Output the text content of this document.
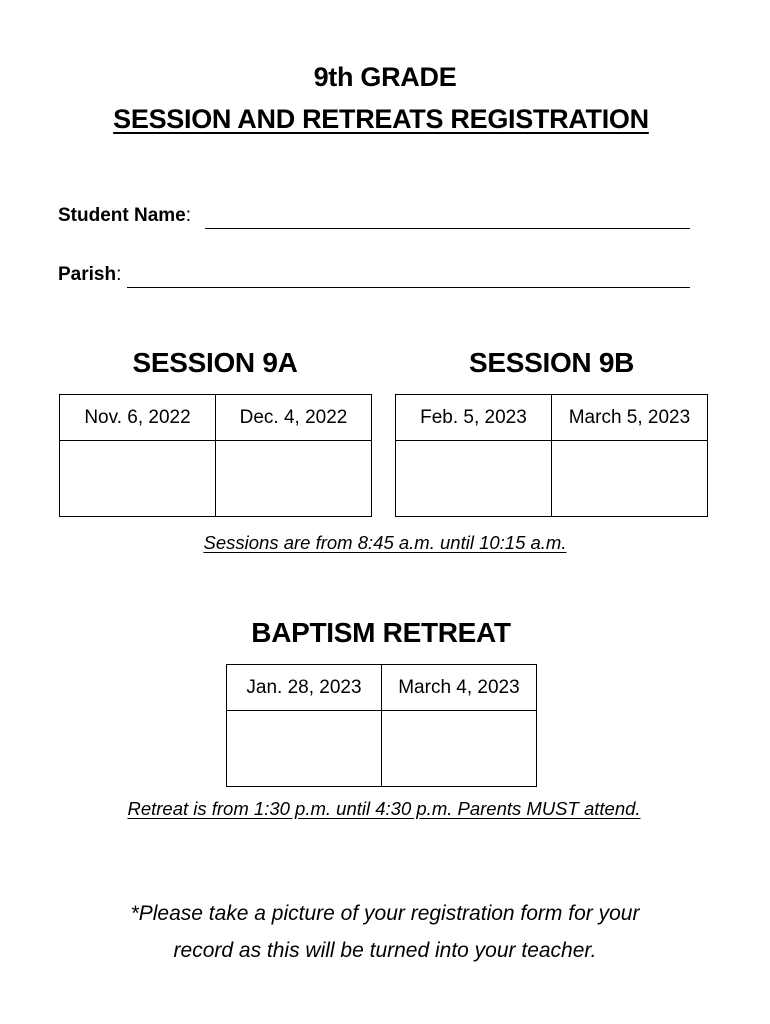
9th GRADE
SESSION AND RETREATS REGISTRATION
Student Name:
Parish:
SESSION 9A
Nov. 6, 2022	Dec. 4, 2022

SESSION 9B
Feb. 5, 2023	March 5, 2023

Sessions are from 8:45 a.m. until 10:15 a.m.
BAPTISM RETREAT
Jan. 28, 2023	March 4, 2023

Retreat is from 1:30 p.m. until 4:30 p.m. Parents MUST attend.
*Please take a picture of your registration form for your
record as this will be turned into your teacher.
